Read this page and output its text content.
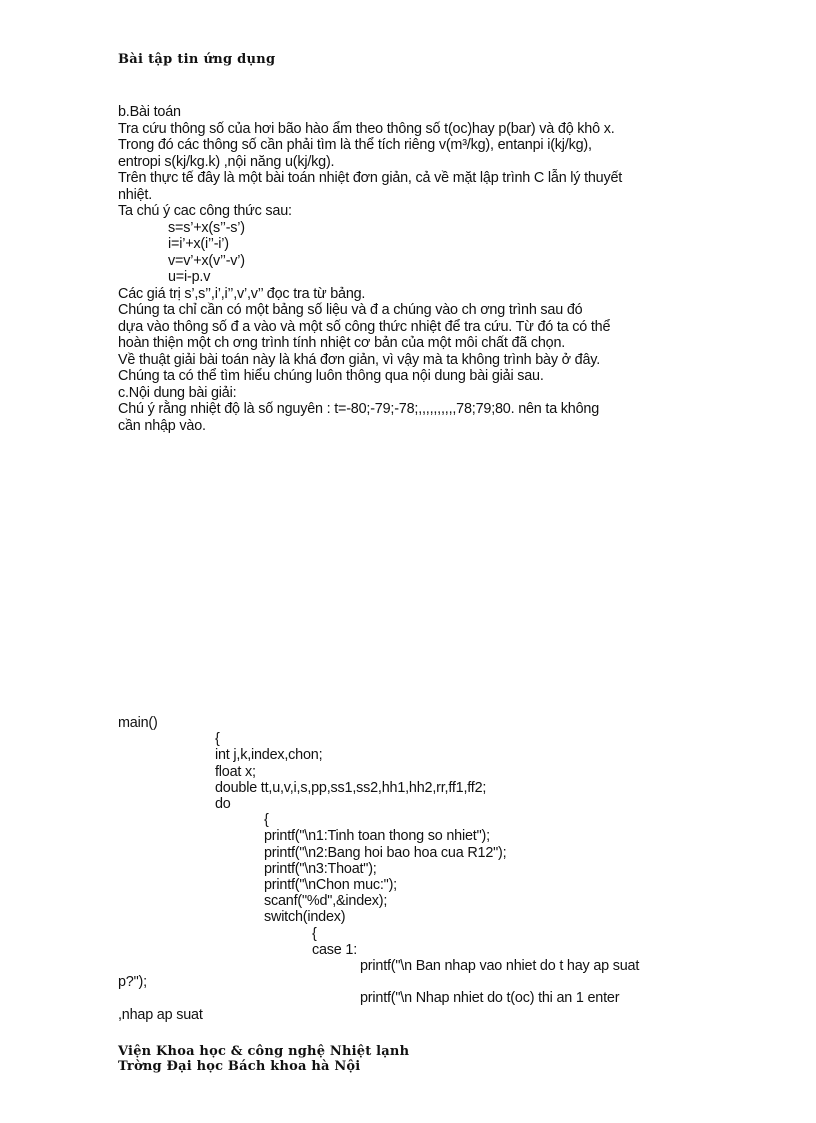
Bài tập tin ứng dụng
b.Bài toán
Tra cứu thông số của hơi bão hào ẩm theo thông số t(oc)hay p(bar) và độ khô x.
Trong đó các thông số cần phải tìm là thể tích riêng v(m³/kg), entanpi i(kj/kg),
entropi s(kj/kg.k) ,nội năng u(kj/kg).
Trên thực tế đây là một bài toán nhiệt đơn giản, cả về mặt lập trình C lẫn lý thuyết
nhiệt.
Ta chú ý cac công thức sau:
s=s’+x(s’’-s’)
i=i’+x(i’’-i’)
v=v’+x(v’’-v’)
u=i-p.v
Các giá trị s’,s’’,i’,i’’,v’,v’’ đọc tra từ bảng.
Chúng ta chỉ cần có một bảng số liệu và đ a chúng vào ch ơng trình sau đó
dựa vào thông số đ a vào và một số công thức nhiệt để tra cứu. Từ đó ta có thể
hoàn thiện một ch ơng trình tính nhiệt cơ bản của một môi chất đã chọn.
Về thuật giải bài toán này là khá đơn giản, vì vậy mà ta không trình bày ở đây.
Chúng ta có thể tìm hiểu chúng luôn thông qua nội dung bài giải sau.
c.Nội dung bài giải:
Chú ý rằng nhiệt độ là số nguyên : t=-80;-79;-78;,,,,,,,,,,78;79;80. nên ta không
cần nhập vào.
main()
{
int j,k,index,chon;
float x;
double tt,u,v,i,s,pp,ss1,ss2,hh1,hh2,rr,ff1,ff2;
do
{
printf("\n1:Tinh toan thong so nhiet");
printf("\n2:Bang hoi bao hoa cua R12");
printf("\n3:Thoat");
printf("\nChon muc:");
scanf("%d",&index);
switch(index)
{
case 1:
printf("\n Ban nhap vao nhiet do t hay ap suat
p?");
printf("\n Nhap nhiet do t(oc) thi an 1 enter
,nhap ap suat
Viện Khoa học & công nghệ Nhiệt lạnh
Trờng Đại học Bách khoa hà Nội
